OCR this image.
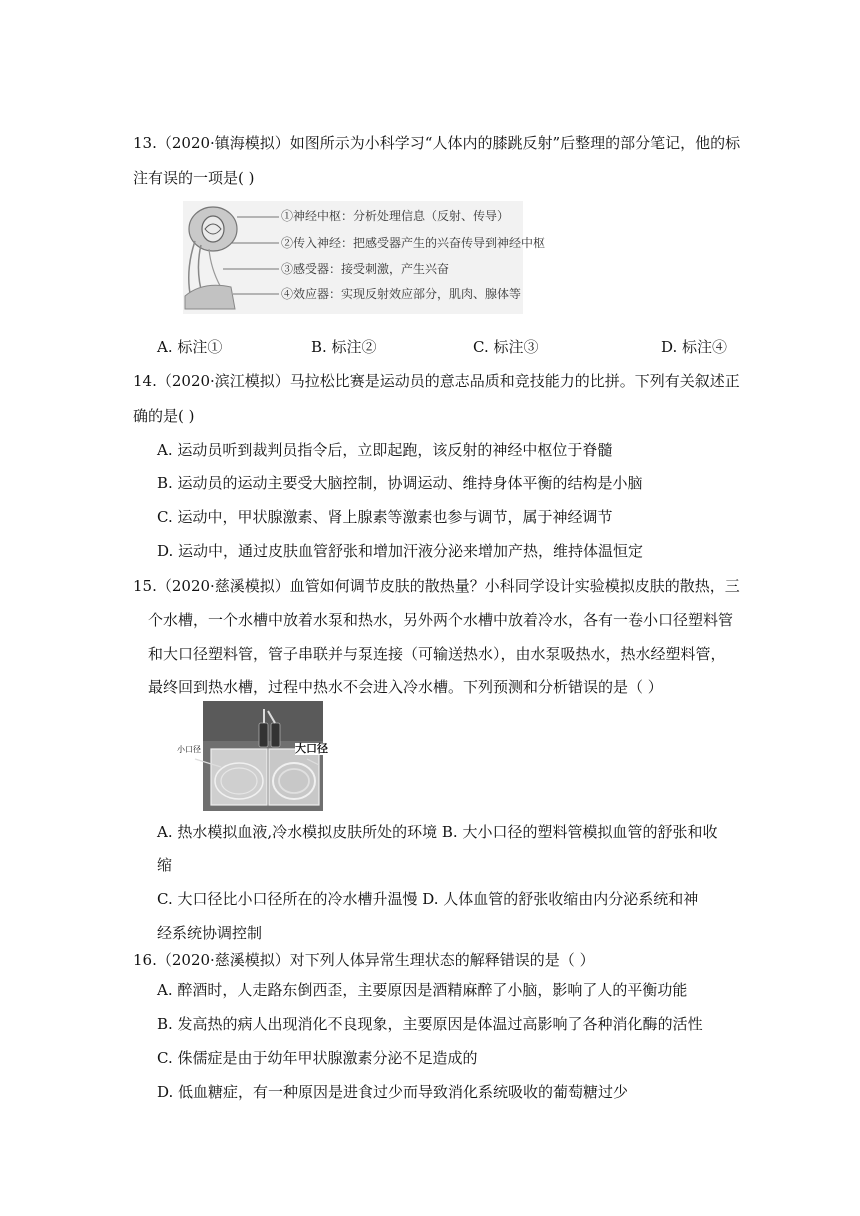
13.（2020·镇海模拟）如图所示为小科学习“人体内的膝跳反射”后整理的部分笔记，他的标
注有误的一项是( )
①神经中枢：分析处理信息（反射、传导）
②传入神经：把感受器产生的兴奋传导到神经中枢
③感受器：接受刺激，产生兴奋
④效应器：实现反射效应部分，肌肉、腺体等
A. 标注①	B. 标注②	C. 标注③	D. 标注④
14.（2020·滨江模拟）马拉松比赛是运动员的意志品质和竞技能力的比拼。下列有关叙述正
确的是( )
A. 运动员听到裁判员指令后，立即起跑，该反射的神经中枢位于脊髓
B. 运动员的运动主要受大脑控制，协调运动、维持身体平衡的结构是小脑
C. 运动中，甲状腺激素、肾上腺素等激素也参与调节，属于神经调节
D. 运动中，通过皮肤血管舒张和增加汗液分泌来增加产热，维持体温恒定
15.（2020·慈溪模拟）血管如何调节皮肤的散热量？小科同学设计实验模拟皮肤的散热，三
个水槽，一个水槽中放着水泵和热水，另外两个水槽中放着冷水，各有一卷小口径塑料管
和大口径塑料管，管子串联并与泵连接（可输送热水），由水泵吸热水，热水经塑料管，
最终回到热水槽，过程中热水不会进入冷水槽。下列预测和分析错误的是（ ）
小口径	大口径
A. 热水模拟血液,冷水模拟皮肤所处的环境 B. 大小口径的塑料管模拟血管的舒张和收
缩
C. 大口径比小口径所在的冷水槽升温慢 D. 人体血管的舒张收缩由内分泌系统和神
经系统协调控制
16.（2020·慈溪模拟）对下列人体异常生理状态的解释错误的是（ ）
A. 醉酒时，人走路东倒西歪，主要原因是酒精麻醉了小脑，影响了人的平衡功能
B. 发高热的病人出现消化不良现象，主要原因是体温过高影响了各种消化酶的活性
C. 侏儒症是由于幼年甲状腺激素分泌不足造成的
D. 低血糖症，有一种原因是进食过少而导致消化系统吸收的葡萄糖过少
